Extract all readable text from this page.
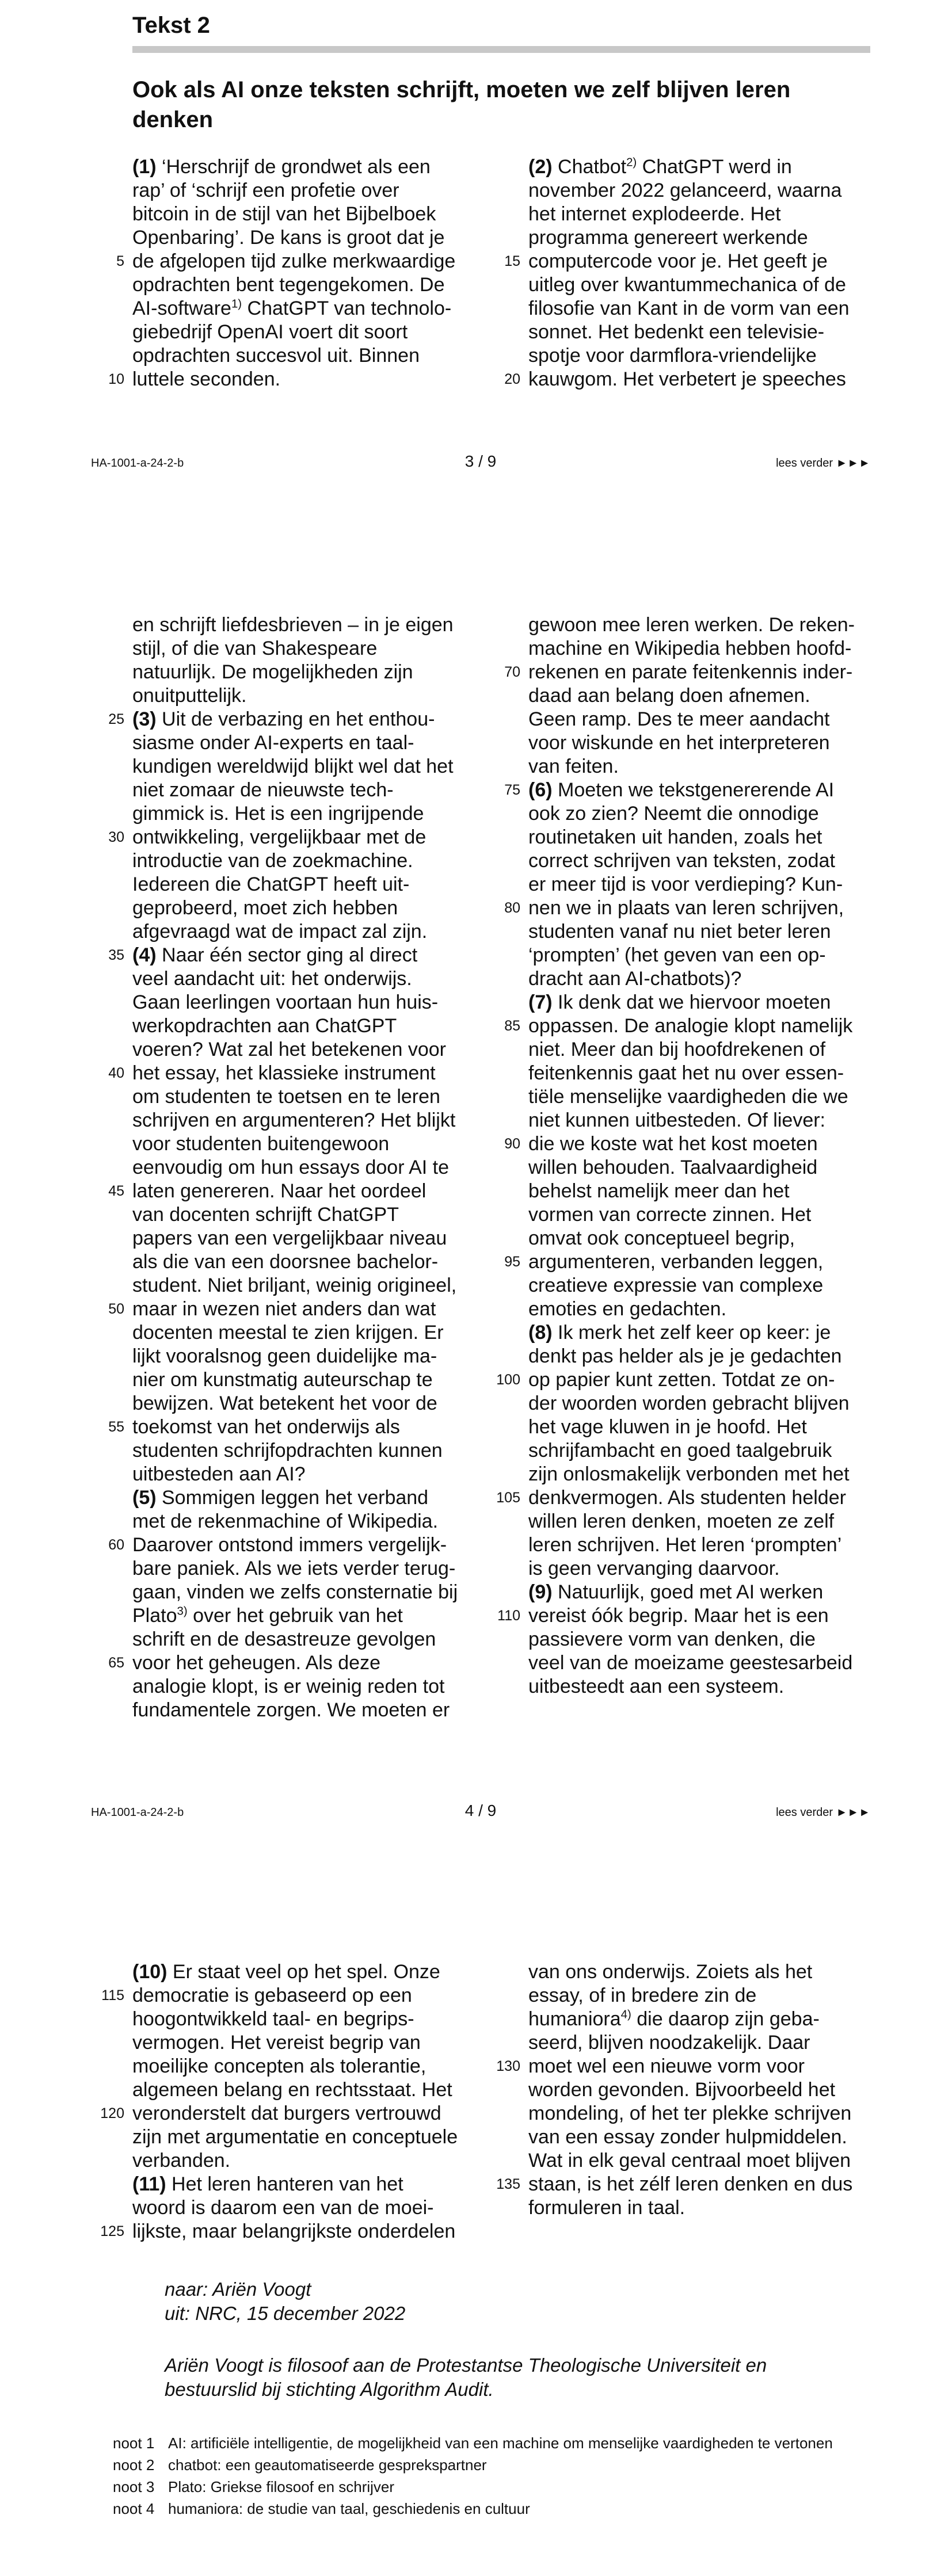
Tekst 2
Ook als AI onze teksten schrijft, moeten we zelf blijven leren denken
(1) ‘Herschrijf de grondwet als een
rap’ of ‘schrijf een profetie over
bitcoin in de stijl van het Bijbelboek
Openbaring’. De kans is groot dat je
5 de afgelopen tijd zulke merkwaardige
opdrachten bent tegengekomen. De
AI-software$^{1)}$ ChatGPT van technolo-
giebedrijf OpenAI voert dit soort
opdrachten succesvol uit. Binnen
10 luttele seconden.
(2) Chatbot$^{2)}$ ChatGPT werd in
november 2022 gelanceerd, waarna
het internet explodeerde. Het
programma genereert werkende
15 computercode voor je. Het geeft je
uitleg over kwantummechanica of de
filosofie van Kant in de vorm van een
sonnet. Het bedenkt een televisie-
spotje voor darmflora-vriendelijke
20 kauwgom. Het verbetert je speeches
HA-1001-a-24-2-b	3 / 9	lees verder ►►►
en schrijft liefdesbrieven – in je eigen
stijl, of die van Shakespeare
natuurlijk. De mogelijkheden zijn
onuitputtelijk.
25 (3) Uit de verbazing en het enthou-
siasme onder AI-experts en taal-
kundigen wereldwijd blijkt wel dat het
niet zomaar de nieuwste tech-
gimmick is. Het is een ingrijpende
30 ontwikkeling, vergelijkbaar met de
introductie van de zoekmachine.
Iedereen die ChatGPT heeft uit-
geprobeerd, moet zich hebben
afgevraagd wat de impact zal zijn.
35 (4) Naar één sector ging al direct
veel aandacht uit: het onderwijs.
Gaan leerlingen voortaan hun huis-
werkopdrachten aan ChatGPT
voeren? Wat zal het betekenen voor
40 het essay, het klassieke instrument
om studenten te toetsen en te leren
schrijven en argumenteren? Het blijkt
voor studenten buitengewoon
eenvoudig om hun essays door AI te
45 laten genereren. Naar het oordeel
van docenten schrijft ChatGPT
papers van een vergelijkbaar niveau
als die van een doorsnee bachelor-
student. Niet briljant, weinig origineel,
50 maar in wezen niet anders dan wat
docenten meestal te zien krijgen. Er
lijkt vooralsnog geen duidelijke ma-
nier om kunstmatig auteurschap te
bewijzen. Wat betekent het voor de
55 toekomst van het onderwijs als
studenten schrijfopdrachten kunnen
uitbesteden aan AI?
(5) Sommigen leggen het verband
met de rekenmachine of Wikipedia.
60 Daarover ontstond immers vergelijk-
bare paniek. Als we iets verder terug-
gaan, vinden we zelfs consternatie bij
Plato$^{3)}$ over het gebruik van het
schrift en de desastreuze gevolgen
65 voor het geheugen. Als deze
analogie klopt, is er weinig reden tot
fundamentele zorgen. We moeten er
gewoon mee leren werken. De reken-
machine en Wikipedia hebben hoofd-
70 rekenen en parate feitenkennis inder-
daad aan belang doen afnemen.
Geen ramp. Des te meer aandacht
voor wiskunde en het interpreteren
van feiten.
75 (6) Moeten we tekstgenererende AI
ook zo zien? Neemt die onnodige
routinetaken uit handen, zoals het
correct schrijven van teksten, zodat
er meer tijd is voor verdieping? Kun-
80 nen we in plaats van leren schrijven,
studenten vanaf nu niet beter leren
‘prompten’ (het geven van een op-
dracht aan AI-chatbots)?
(7) Ik denk dat we hiervoor moeten
85 oppassen. De analogie klopt namelijk
niet. Meer dan bij hoofdrekenen of
feitenkennis gaat het nu over essen-
tiële menselijke vaardigheden die we
niet kunnen uitbesteden. Of liever:
90 die we koste wat het kost moeten
willen behouden. Taalvaardigheid
behelst namelijk meer dan het
vormen van correcte zinnen. Het
omvat ook conceptueel begrip,
95 argumenteren, verbanden leggen,
creatieve expressie van complexe
emoties en gedachten.
(8) Ik merk het zelf keer op keer: je
denkt pas helder als je je gedachten
100 op papier kunt zetten. Totdat ze on-
der woorden worden gebracht blijven
het vage kluwen in je hoofd. Het
schrijfambacht en goed taalgebruik
zijn onlosmakelijk verbonden met het
105 denkvermogen. Als studenten helder
willen leren denken, moeten ze zelf
leren schrijven. Het leren ‘prompten’
is geen vervanging daarvoor.
(9) Natuurlijk, goed met AI werken
110 vereist óók begrip. Maar het is een
passievere vorm van denken, die
veel van de moeizame geestesarbeid
uitbesteedt aan een systeem.
HA-1001-a-24-2-b	4 / 9	lees verder ►►►
(10) Er staat veel op het spel. Onze
115 democratie is gebaseerd op een
hoogontwikkeld taal- en begrips-
vermogen. Het vereist begrip van
moeilijke concepten als tolerantie,
algemeen belang en rechtsstaat. Het
120 veronderstelt dat burgers vertrouwd
zijn met argumentatie en conceptuele
verbanden.
(11) Het leren hanteren van het
woord is daarom een van de moei-
125 lijkste, maar belangrijkste onderdelen
van ons onderwijs. Zoiets als het
essay, of in bredere zin de
humaniora$^{4)}$ die daarop zijn geba-
seerd, blijven noodzakelijk. Daar
130 moet wel een nieuwe vorm voor
worden gevonden. Bijvoorbeeld het
mondeling, of het ter plekke schrijven
van een essay zonder hulpmiddelen.
Wat in elk geval centraal moet blijven
135 staan, is het zélf leren denken en dus
formuleren in taal.
naar: Ariën Voogt
uit: NRC, 15 december 2022
Ariën Voogt is filosoof aan de Protestantse Theologische Universiteit en bestuurslid bij stichting Algorithm Audit.
noot 1 AI: artificiële intelligentie, de mogelijkheid van een machine om menselijke vaardigheden te vertonen
noot 2 chatbot: een geautomatiseerde gesprekspartner
noot 3 Plato: Griekse filosoof en schrijver
noot 4 humaniora: de studie van taal, geschiedenis en cultuur
